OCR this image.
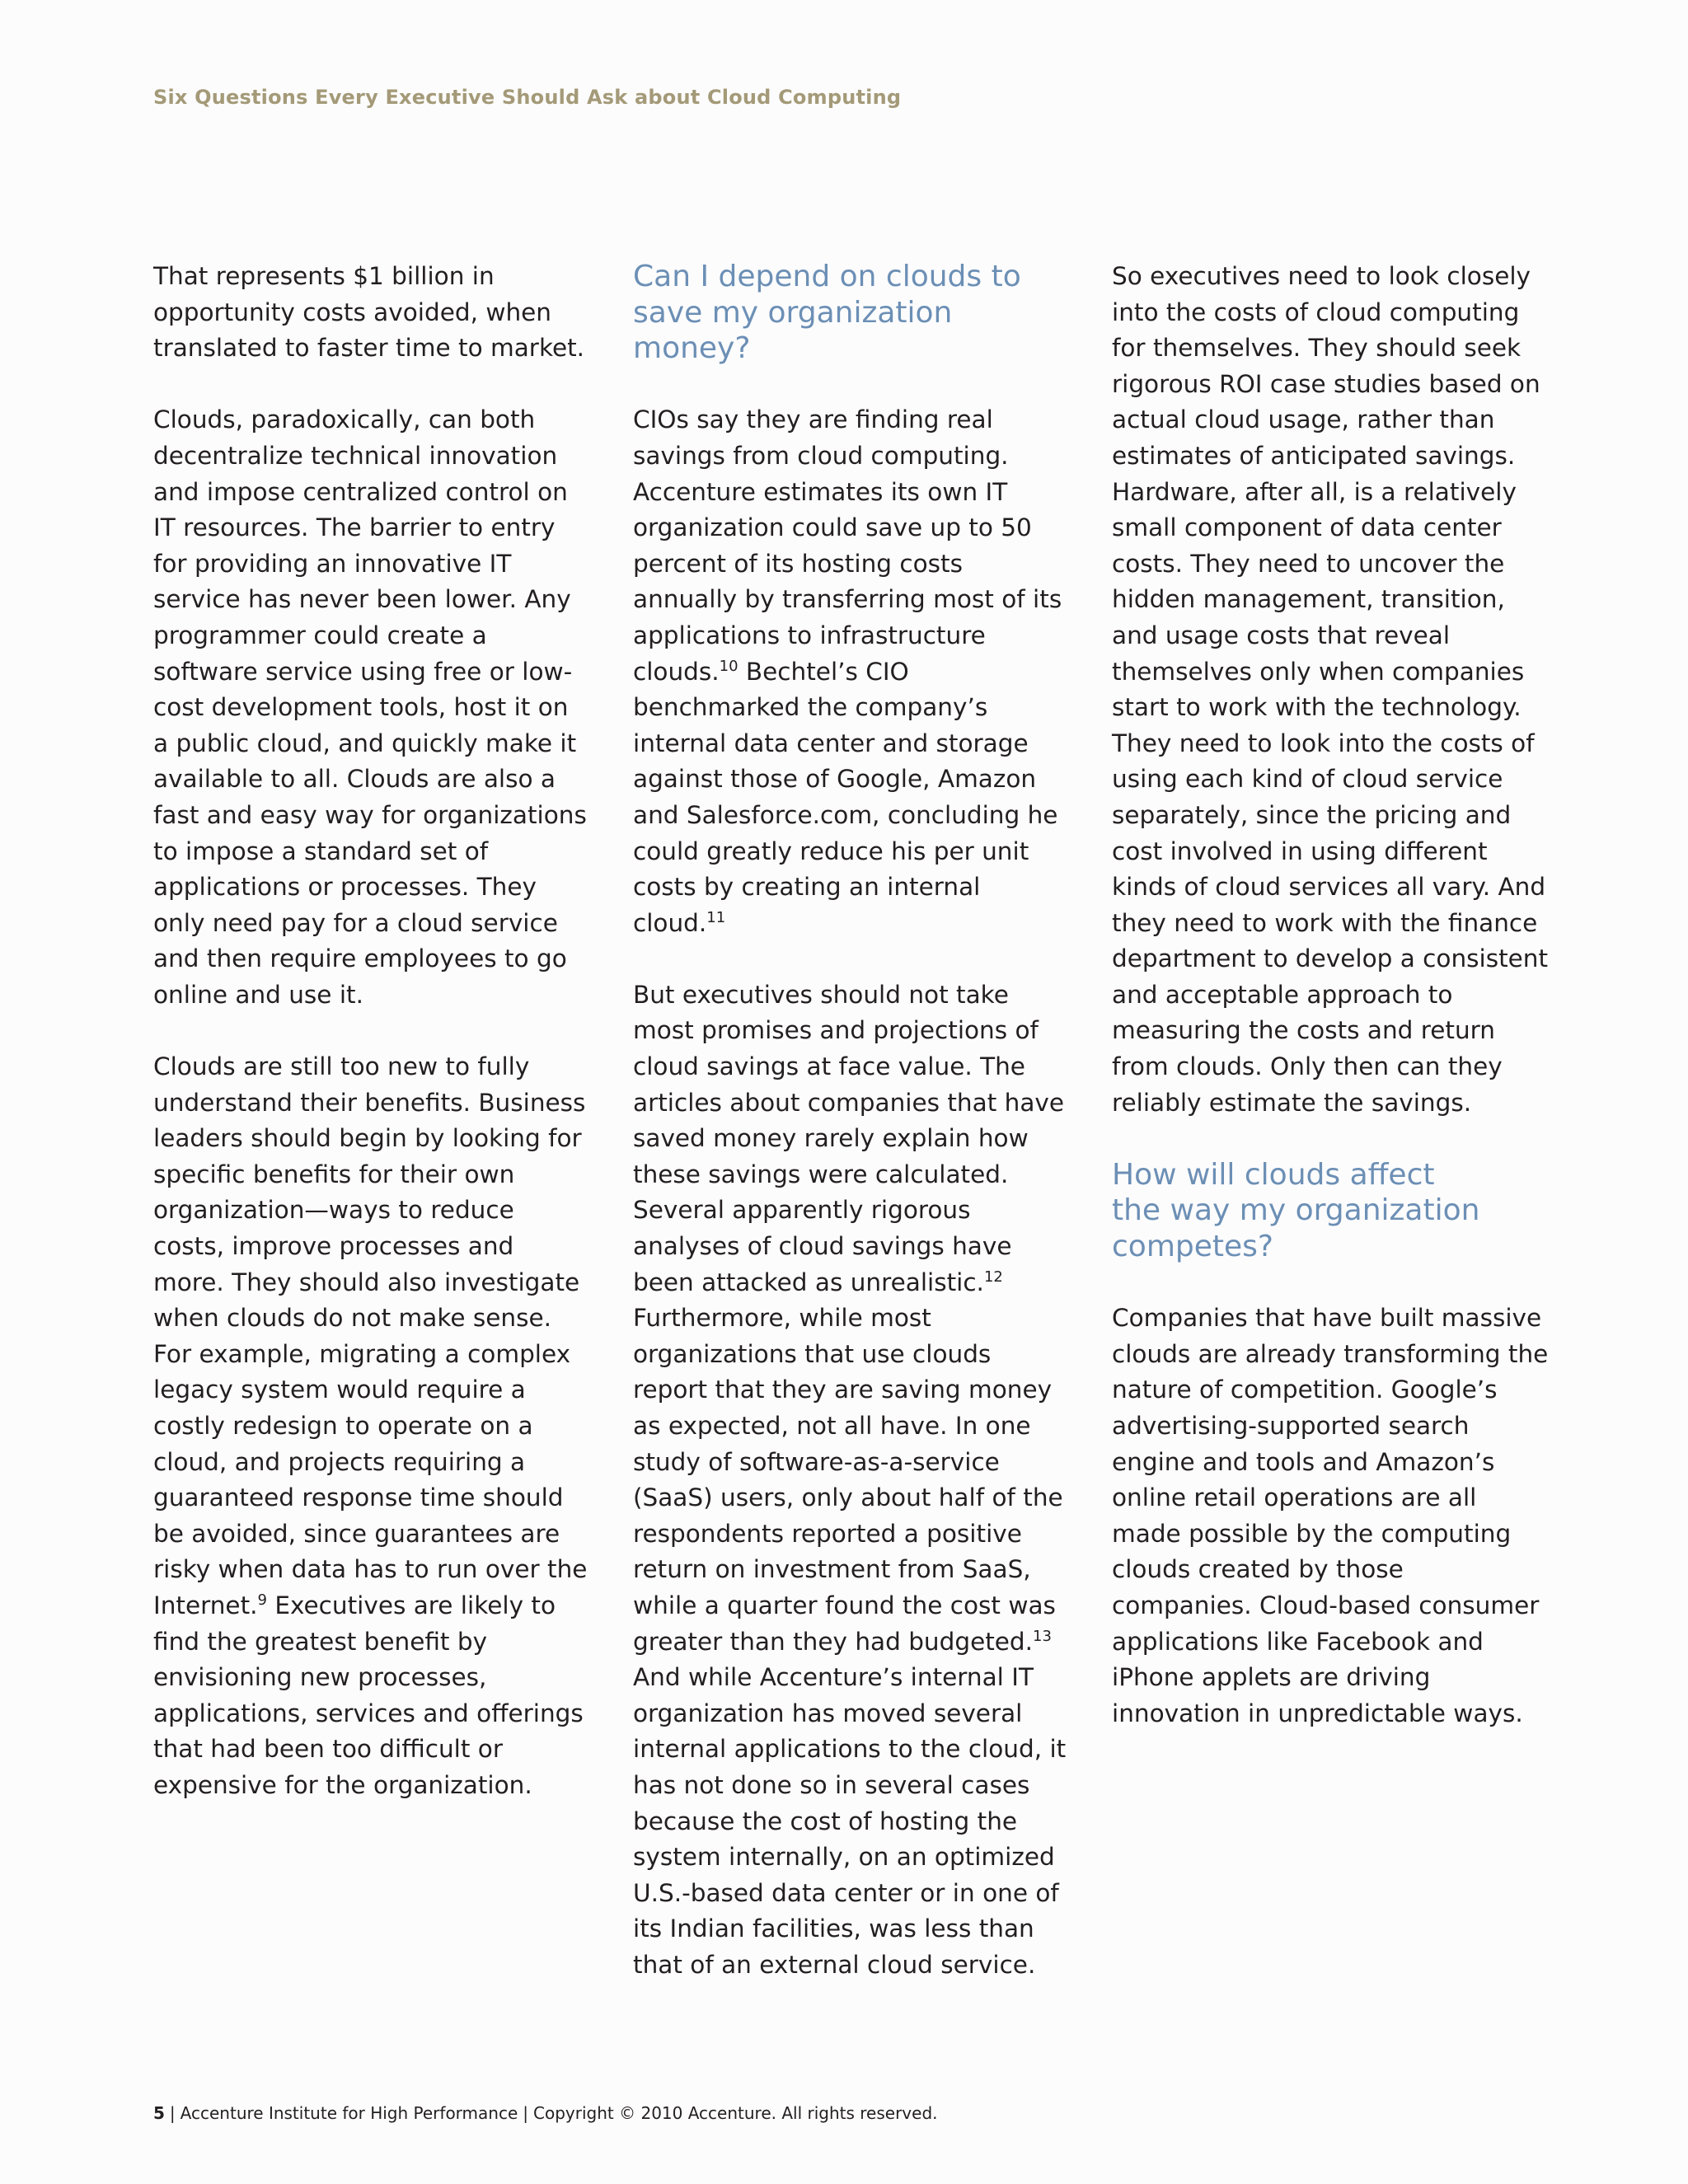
Six Questions Every Executive Should Ask about Cloud Computing

That represents $1 billion in opportunity costs avoided, when translated to faster time to market.

Clouds, paradoxically, can both decentralize technical innovation and impose centralized control on IT resources. The barrier to entry for providing an innovative IT service has never been lower. Any programmer could create a software service using free or low-cost development tools, host it on a public cloud, and quickly make it available to all. Clouds are also a fast and easy way for organizations to impose a standard set of applications or processes. They only need pay for a cloud service and then require employees to go online and use it.

Clouds are still too new to fully understand their benefits. Business leaders should begin by looking for specific benefits for their own organization—ways to reduce costs, improve processes and more. They should also investigate when clouds do not make sense. For example, migrating a complex legacy system would require a costly redesign to operate on a cloud, and projects requiring a guaranteed response time should be avoided, since guarantees are risky when data has to run over the Internet.$^9$ Executives are likely to find the greatest benefit by envisioning new processes, applications, services and offerings that had been too difficult or expensive for the organization.

Can I depend on clouds to
save my organization money?

CIOs say they are finding real savings from cloud computing. Accenture estimates its own IT organization could save up to 50 percent of its hosting costs annually by transferring most of its applications to infrastructure clouds.$^{10}$ Bechtel’s CIO benchmarked the company’s internal data center and storage against those of Google, Amazon and Salesforce.com, concluding he could greatly reduce his per unit costs by creating an internal cloud.$^{11}$

But executives should not take most promises and projections of cloud savings at face value. The articles about companies that have saved money rarely explain how these savings were calculated. Several apparently rigorous analyses of cloud savings have been attacked as unrealistic.$^{12}$ Furthermore, while most organizations that use clouds report that they are saving money as expected, not all have. In one study of software-as-a-service (SaaS) users, only about half of the respondents reported a positive return on investment from SaaS, while a quarter found the cost was greater than they had budgeted.$^{13}$ And while Accenture’s internal IT organization has moved several internal applications to the cloud, it has not done so in several cases because the cost of hosting the system internally, on an optimized U.S.-based data center or in one of its Indian facilities, was less than that of an external cloud service.

So executives need to look closely into the costs of cloud computing for themselves. They should seek rigorous ROI case studies based on actual cloud usage, rather than estimates of anticipated savings. Hardware, after all, is a relatively small component of data center costs. They need to uncover the hidden management, transition, and usage costs that reveal themselves only when companies start to work with the technology. They need to look into the costs of using each kind of cloud service separately, since the pricing and cost involved in using different kinds of cloud services all vary. And they need to work with the finance department to develop a consistent and acceptable approach to measuring the costs and return from clouds. Only then can they reliably estimate the savings.

How will clouds affect
the way my organization
competes?

Companies that have built massive clouds are already transforming the nature of competition. Google’s advertising-supported search engine and tools and Amazon’s online retail operations are all made possible by the computing clouds created by those companies. Cloud-based consumer applications like Facebook and iPhone applets are driving innovation in unpredictable ways.

5 | Accenture Institute for High Performance | Copyright © 2010 Accenture. All rights reserved.
